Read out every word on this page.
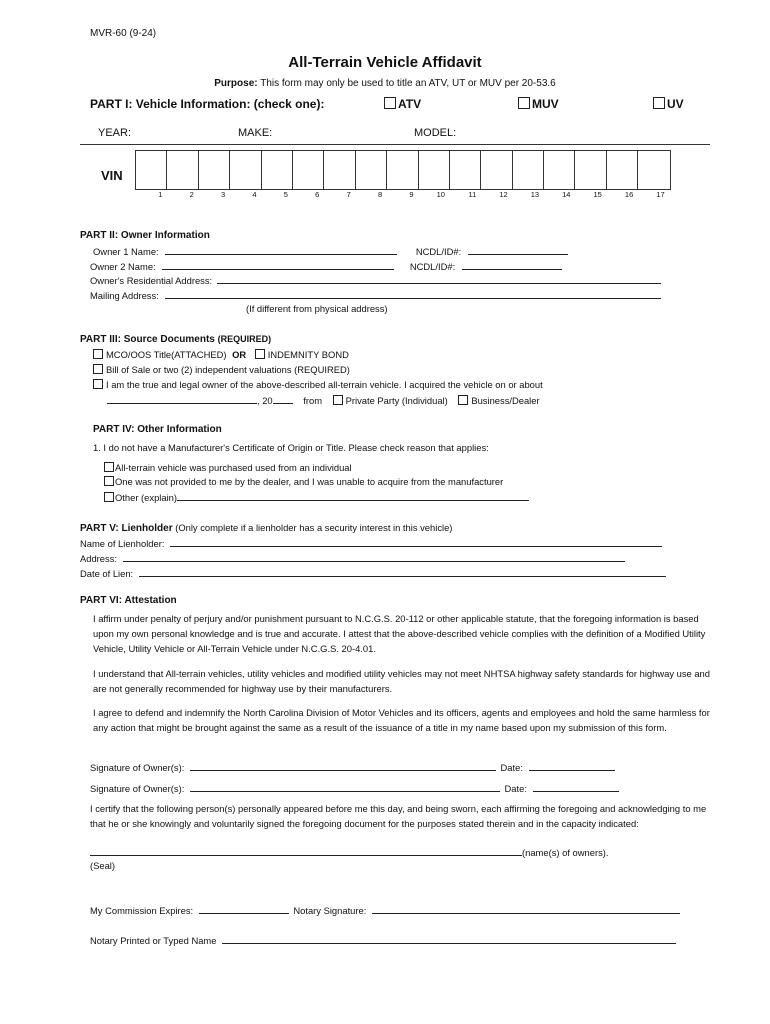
MVR-60 (9-24)
All-Terrain Vehicle Affidavit
Purpose: This form may only be used to title an ATV, UT or MUV per 20-53.6
PART I: Vehicle Information: (check one):	ATV	MUV	UV
YEAR:	MAKE:	MODEL:
VIN
1	2	3	4	5	6	7	8	9	10	11	12	13	14	15	16	17
PART II: Owner Information
Owner 1 Name:	NCDL/ID#:
Owner 2 Name:	NCDL/ID#:
Owner's Residential Address:
Mailing Address:
(If different from physical address)
PART III: Source Documents (REQUIRED)
MCO/OOS Title(ATTACHED) OR INDEMNITY BOND
Bill of Sale or two (2) independent valuations (REQUIRED)
I am the true and legal owner of the above-described all-terrain vehicle. I acquired the vehicle on or about
, 20	from	Private Party (Individual)	Business/Dealer
PART IV: Other Information
1. I do not have a Manufacturer's Certificate of Origin or Title. Please check reason that applies:
All-terrain vehicle was purchased used from an individual
One was not provided to me by the dealer, and I was unable to acquire from the manufacturer
Other (explain)
PART V: Lienholder (Only complete if a lienholder has a security interest in this vehicle)
Name of Lienholder:
Address:
Date of Lien:
PART VI: Attestation
I affirm under penalty of perjury and/or punishment pursuant to N.C.G.S. 20-112 or other applicable statute, that the foregoing information is based upon my own personal knowledge and is true and accurate. I attest that the above-described vehicle complies with the definition of a Modified Utility Vehicle, Utility Vehicle or All-Terrain Vehicle under N.C.G.S. 20-4.01.
I understand that All-terrain vehicles, utility vehicles and modified utility vehicles may not meet NHTSA highway safety standards for highway use and are not generally recommended for highway use by their manufacturers.
I agree to defend and indemnify the North Carolina Division of Motor Vehicles and its officers, agents and employees and hold the same harmless for any action that might be brought against the same as a result of the issuance of a title in my name based upon my submission of this form.
Signature of Owner(s):	Date:
Signature of Owner(s):	Date:
I certify that the following person(s) personally appeared before me this day, and being sworn, each affirming the foregoing and acknowledging to me that he or she knowingly and voluntarily signed the foregoing document for the purposes stated therein and in the capacity indicated:
(name(s) of owners).
(Seal)
My Commission Expires:	Notary Signature:
Notary Printed or Typed Name
